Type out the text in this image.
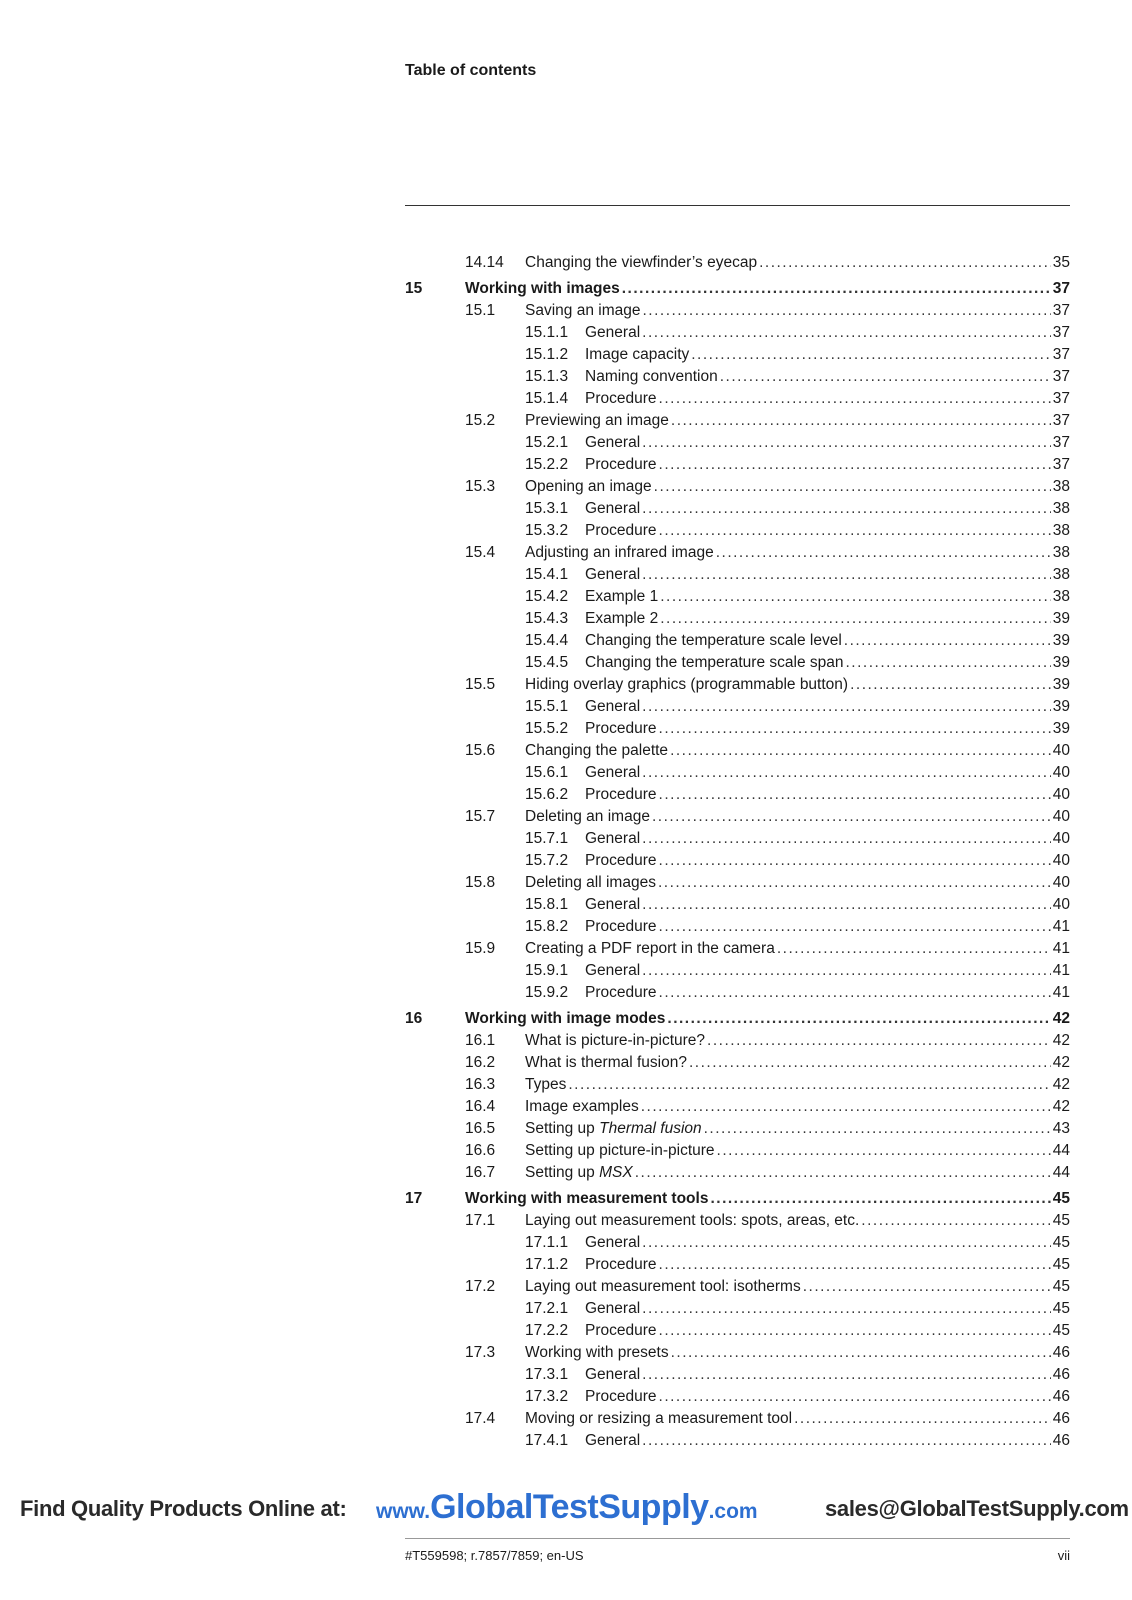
Table of contents
14.14	Changing the viewfinder’s eyecap .....	35
15	Working with images .....	37
15.1	Saving an image .....	37
15.1.1	General .....	37
15.1.2	Image capacity .....	37
15.1.3	Naming convention .....	37
15.1.4	Procedure .....	37
15.2	Previewing an image .....	37
15.2.1	General .....	37
15.2.2	Procedure .....	37
15.3	Opening an image .....	38
15.3.1	General .....	38
15.3.2	Procedure .....	38
15.4	Adjusting an infrared image .....	38
15.4.1	General .....	38
15.4.2	Example 1 .....	38
15.4.3	Example 2 .....	39
15.4.4	Changing the temperature scale level .....	39
15.4.5	Changing the temperature scale span .....	39
15.5	Hiding overlay graphics (programmable button) .....	39
15.5.1	General .....	39
15.5.2	Procedure .....	39
15.6	Changing the palette .....	40
15.6.1	General .....	40
15.6.2	Procedure .....	40
15.7	Deleting an image .....	40
15.7.1	General .....	40
15.7.2	Procedure .....	40
15.8	Deleting all images .....	40
15.8.1	General .....	40
15.8.2	Procedure .....	41
15.9	Creating a PDF report in the camera .....	41
15.9.1	General .....	41
15.9.2	Procedure .....	41
16	Working with image modes .....	42
16.1	What is picture-in-picture? .....	42
16.2	What is thermal fusion? .....	42
16.3	Types .....	42
16.4	Image examples .....	42
16.5	Setting up Thermal fusion .....	43
16.6	Setting up picture-in-picture .....	44
16.7	Setting up MSX .....	44
17	Working with measurement tools .....	45
17.1	Laying out measurement tools: spots, areas, etc. .....	45
17.1.1	General .....	45
17.1.2	Procedure .....	45
17.2	Laying out measurement tool: isotherms .....	45
17.2.1	General .....	45
17.2.2	Procedure .....	45
17.3	Working with presets .....	46
17.3.1	General .....	46
17.3.2	Procedure .....	46
17.4	Moving or resizing a measurement tool .....	46
17.4.1	General .....	46
Find Quality Products Online at: www.GlobalTestSupply.com	sales@GlobalTestSupply.com
#T559598; r.7857/7859; en-US	vii
